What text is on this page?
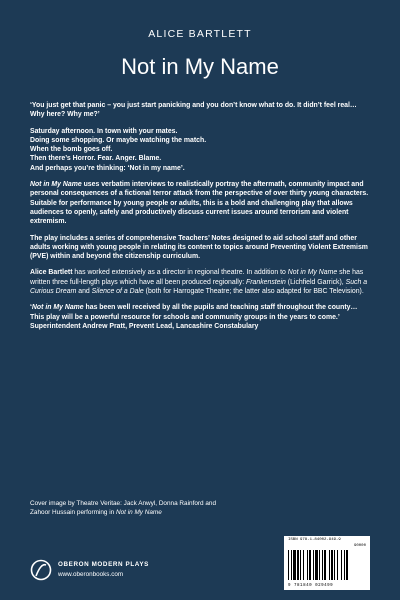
ALICE BARTLETT
Not in My Name

‘You just get that panic – you just start panicking and you don’t know what to do. It didn’t feel real… Why here? Why me?’

Saturday afternoon. In town with your mates.
Doing some shopping. Or maybe watching the match.
When the bomb goes off.
Then there’s Horror. Fear. Anger. Blame.
And perhaps you’re thinking: ‘Not in my name’.

Not in My Name uses verbatim interviews to realistically portray the aftermath, community impact and personal consequences of a fictional terror attack from the perspective of over thirty young characters. Suitable for performance by young people or adults, this is a bold and challenging play that allows audiences to openly, safely and productively discuss current issues around terrorism and violent extremism.

The play includes a series of comprehensive Teachers’ Notes designed to aid school staff and other adults working with young people in relating its content to topics around Preventing Violent Extremism (PVE) within and beyond the citizenship curriculum.

Alice Bartlett has worked extensively as a director in regional theatre. In addition to Not in My Name she has written three full-length plays which have all been produced regionally: Frankenstein (Lichfield Garrick), Such a Curious Dream and Silence of a Dale (both for Harrogate Theatre; the latter also adapted for BBC Television).

‘Not in My Name has been well received by all the pupils and teaching staff throughout the county… This play will be a powerful resource for schools and community groups in the years to come.’
Superintendent Andrew Pratt, Prevent Lead, Lancashire Constabulary

Cover image by Theatre Veritae: Jack Anwyl, Donna Rainford and Zahoor Hussain performing in Not in My Name
OBERON MODERN PLAYS
www.oberonbooks.com
ISBN 978-1-84002-949-9
90000
9 781840 029499
